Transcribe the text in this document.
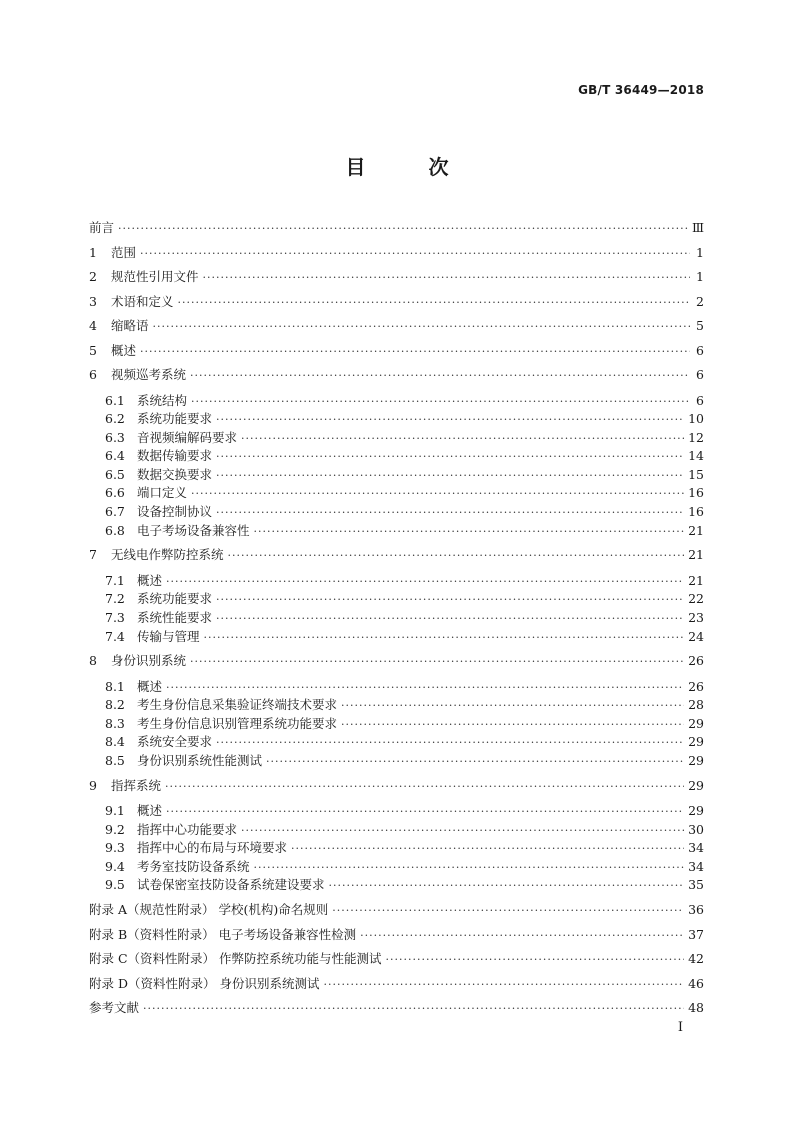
GB/T 36449—2018
目 次
前言 ·····	Ⅲ
1	范围 ·····	1
2	规范性引用文件 ·····	1
3	术语和定义 ·····	2
4	缩略语 ·····	5
5	概述 ·····	6
6	视频巡考系统 ·····	6
6.1 系统结构 ·····	6
6.2 系统功能要求 ·····	10
6.3 音视频编解码要求 ·····	12
6.4 数据传输要求 ·····	14
6.5 数据交换要求 ·····	15
6.6 端口定义 ·····	16
6.7 设备控制协议 ·····	16
6.8 电子考场设备兼容性 ·····	21
7	无线电作弊防控系统 ·····	21
7.1 概述 ·····	21
7.2 系统功能要求 ·····	22
7.3 系统性能要求 ·····	23
7.4 传输与管理 ·····	24
8	身份识别系统 ·····	26
8.1 概述 ·····	26
8.2 考生身份信息采集验证终端技术要求 ·····	28
8.3 考生身份信息识别管理系统功能要求 ·····	29
8.4 系统安全要求 ·····	29
8.5 身份识别系统性能测试 ·····	29
9	指挥系统 ·····	29
9.1 概述 ·····	29
9.2 指挥中心功能要求 ·····	30
9.3 指挥中心的布局与环境要求 ·····	34
9.4 考务室技防设备系统 ·····	34
9.5 试卷保密室技防设备系统建设要求 ·····	35
附录 A（规范性附录） 学校(机构)命名规则 ·····	36
附录 B（资料性附录） 电子考场设备兼容性检测 ·····	37
附录 C（资料性附录） 作弊防控系统功能与性能测试 ·····	42
附录 D（资料性附录） 身份识别系统测试 ·····	46
参考文献 ·····	48
Ⅰ
